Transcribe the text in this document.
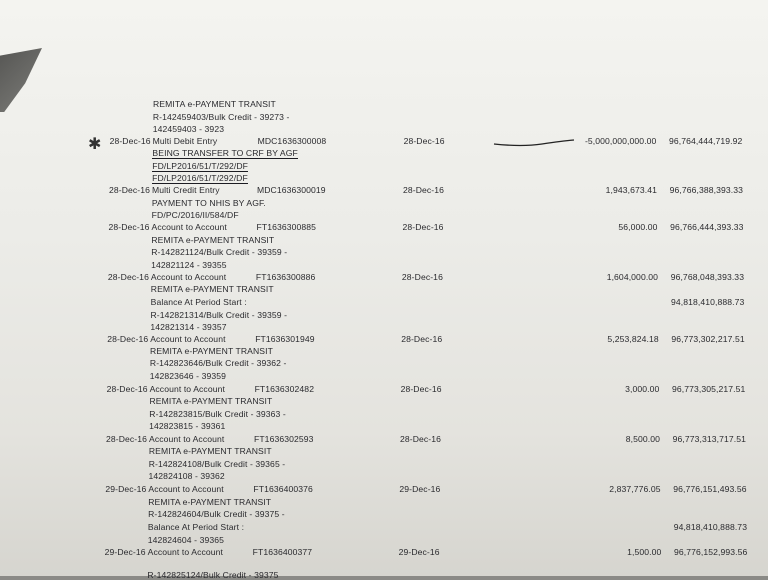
✱
REMITA e-PAYMENT TRANSIT
R-142459403/Bulk Credit - 39273 -
142459403 - 3923
28-Dec-16 Multi Debit Entry	MDC1636300008	28-Dec-16	-5,000,000,000.00 96,764,444,719.92
BEING TRANSFER TO CRF BY AGF
FD/LP2016/51/T/292/DF
FD/LP2016/51/T/292/DF
28-Dec-16 Multi Credit Entry	MDC1636300019	28-Dec-16	1,943,673.41 96,766,388,393.33
PAYMENT TO NHIS BY AGF.
FD/PC/2016/II/584/DF
28-Dec-16 Account to Account	FT1636300885	28-Dec-16	56,000.00 96,766,444,393.33
REMITA e-PAYMENT TRANSIT
R-142821124/Bulk Credit - 39359 -
142821124 - 39355
28-Dec-16 Account to Account	FT1636300886	28-Dec-16	1,604,000.00 96,768,048,393.33
REMITA e-PAYMENT TRANSIT
Balance At Period Start :	94,818,410,888.73
R-142821314/Bulk Credit - 39359 -
142821314 - 39357
28-Dec-16 Account to Account	FT1636301949	28-Dec-16	5,253,824.18 96,773,302,217.51
REMITA e-PAYMENT TRANSIT
R-142823646/Bulk Credit - 39362 -
142823646 - 39359
28-Dec-16 Account to Account	FT1636302482	28-Dec-16	3,000.00 96,773,305,217.51
REMITA e-PAYMENT TRANSIT
R-142823815/Bulk Credit - 39363 -
142823815 - 39361
28-Dec-16 Account to Account	FT1636302593	28-Dec-16	8,500.00 96,773,313,717.51
REMITA e-PAYMENT TRANSIT
R-142824108/Bulk Credit - 39365 -
142824108 - 39362
29-Dec-16 Account to Account	FT1636400376	29-Dec-16	2,837,776.05 96,776,151,493.56
REMITA e-PAYMENT TRANSIT
R-142824604/Bulk Credit - 39375 -
Balance At Period Start :	94,818,410,888.73
142824604 - 39365
29-Dec-16 Account to Account	FT1636400377	29-Dec-16	1,500.00 96,776,152,993.56
R-142825124/Bulk Credit - 39375
